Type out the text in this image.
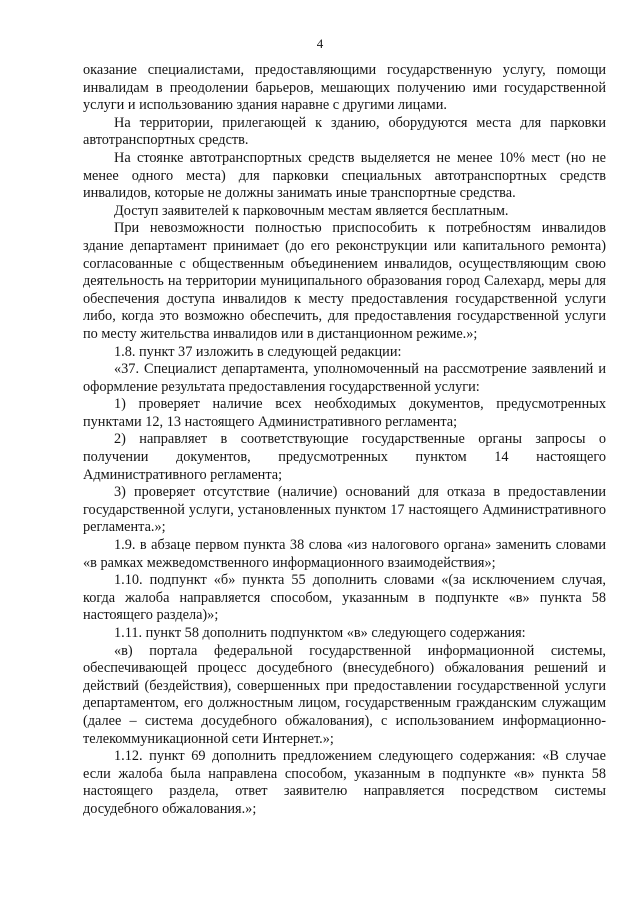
4

оказание специалистами, предоставляющими государственную услугу, помощи инвалидам в преодолении барьеров, мешающих получению ими государственной услуги и использованию здания наравне с другими лицами.

На территории, прилегающей к зданию, оборудуются места для парковки автотранспортных средств.

На стоянке автотранспортных средств выделяется не менее 10% мест (но не менее одного места) для парковки специальных автотранспортных средств инвалидов, которые не должны занимать иные транспортные средства.

Доступ заявителей к парковочным местам является бесплатным.

При невозможности полностью приспособить к потребностям инвалидов здание департамент принимает (до его реконструкции или капитального ремонта) согласованные с общественным объединением инвалидов, осуществляющим свою деятельность на территории муниципального образования город Салехард, меры для обеспечения доступа инвалидов к месту предоставления государственной услуги либо, когда это возможно обеспечить, для предоставления государственной услуги по месту жительства инвалидов или в дистанционном режиме.»;

1.8. пункт 37 изложить в следующей редакции:

«37. Специалист департамента, уполномоченный на рассмотрение заявлений и оформление результата предоставления государственной услуги:

1) проверяет наличие всех необходимых документов, предусмотренных пунктами 12, 13 настоящего Административного регламента;

2) направляет в соответствующие государственные органы запросы о получении документов, предусмотренных пунктом 14 настоящего Административного регламента;

3) проверяет отсутствие (наличие) оснований для отказа в предоставлении государственной услуги, установленных пунктом 17 настоящего Административного регламента.»;

1.9. в абзаце первом пункта 38 слова «из налогового органа» заменить словами «в рамках межведомственного информационного взаимодействия»;

1.10. подпункт «б» пункта 55 дополнить словами «(за исключением случая, когда жалоба направляется способом, указанным в подпункте «в» пункта 58 настоящего раздела)»;

1.11. пункт 58 дополнить подпунктом «в» следующего содержания:

«в) портала федеральной государственной информационной системы, обеспечивающей процесс досудебного (внесудебного) обжалования решений и действий (бездействия), совершенных при предоставлении государственной услуги департаментом, его должностным лицом, государственным гражданским служащим (далее – система досудебного обжалования), с использованием информационно-телекоммуникационной сети Интернет.»;

1.12. пункт 69 дополнить предложением следующего содержания: «В случае если жалоба была направлена способом, указанным в подпункте «в» пункта 58 настоящего раздела, ответ заявителю направляется посредством системы досудебного обжалования.»;
